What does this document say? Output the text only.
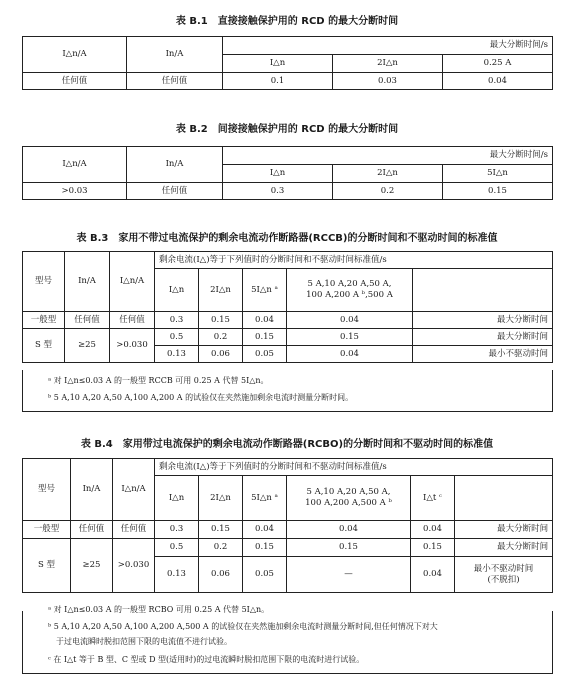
表 B.1　直接接触保护用的 RCD 的最大分断时间
I△n/A	In/A	最大分断时间/s		
		I△n	2I△n	0.25 A
任何值	任何值	0.1	0.03	0.04
表 B.2　间接接触保护用的 RCD 的最大分断时间
I△n/A	In/A	最大分断时间/s		
		I△n	2I△n	5I△n
>0.03	任何值	0.3	0.2	0.15
表 B.3　家用不带过电流保护的剩余电流动作断路器(RCCB)的分断时间和不驱动时间的标准值
型号	In/A	I△n/A	剩余电流(I△)等于下列值时的分断时间和不驱动时间标准值/s				
			I△n	2I△n	5I△n ᵃ	5 A,10 A,20 A,50 A,
100 A,200 A ᵇ,500 A	
一般型	任何值	任何值	0.3	0.15	0.04	0.04	最大分断时间
S 型	≥25	>0.030	0.5	0.2	0.15	0.15	最大分断时间
			0.13	0.06	0.05	0.04	最小不驱动时间
ᵃ 对 I△n≤0.03 A 的一般型 RCCB 可用 0.25 A 代替 5I△n。
ᵇ 5 A,10 A,20 A,50 A,100 A,200 A 的试验仅在夹然施加剩余电流时测量分断时间。
表 B.4　家用带过电流保护的剩余电流动作断路器(RCBO)的分断时间和不驱动时间的标准值
型号	In/A	I△n/A	剩余电流(I△)等于下列值时的分断时间和不驱动时间标准值/s					
			I△n	2I△n	5I△n ᵃ	5 A,10 A,20 A,50 A,
100 A,200 A,500 A ᵇ	I△t ᶜ	
一般型	任何值	任何值	0.3	0.15	0.04	0.04	0.04	最大分断时间
S 型	≥25	>0.030	0.5	0.2	0.15	0.15	0.15	最大分断时间
			0.13	0.06	0.05	—	0.04	最小不驱动时间
(不脱扣)
ᵃ 对 I△n≤0.03 A 的一般型 RCBO 可用 0.25 A 代替 5I△n。
ᵇ 5 A,10 A,20 A,50 A,100 A,200 A,500 A 的试验仅在夹然施加剩余电流时测量分断时间,但任何情况下对大
于过电流瞬时脱扣范围下限的电流值不进行试验。
ᶜ 在 I△t 等于 B 型、C 型或 D 型(适用时)的过电流瞬时脱扣范围下限的电流时进行试验。
